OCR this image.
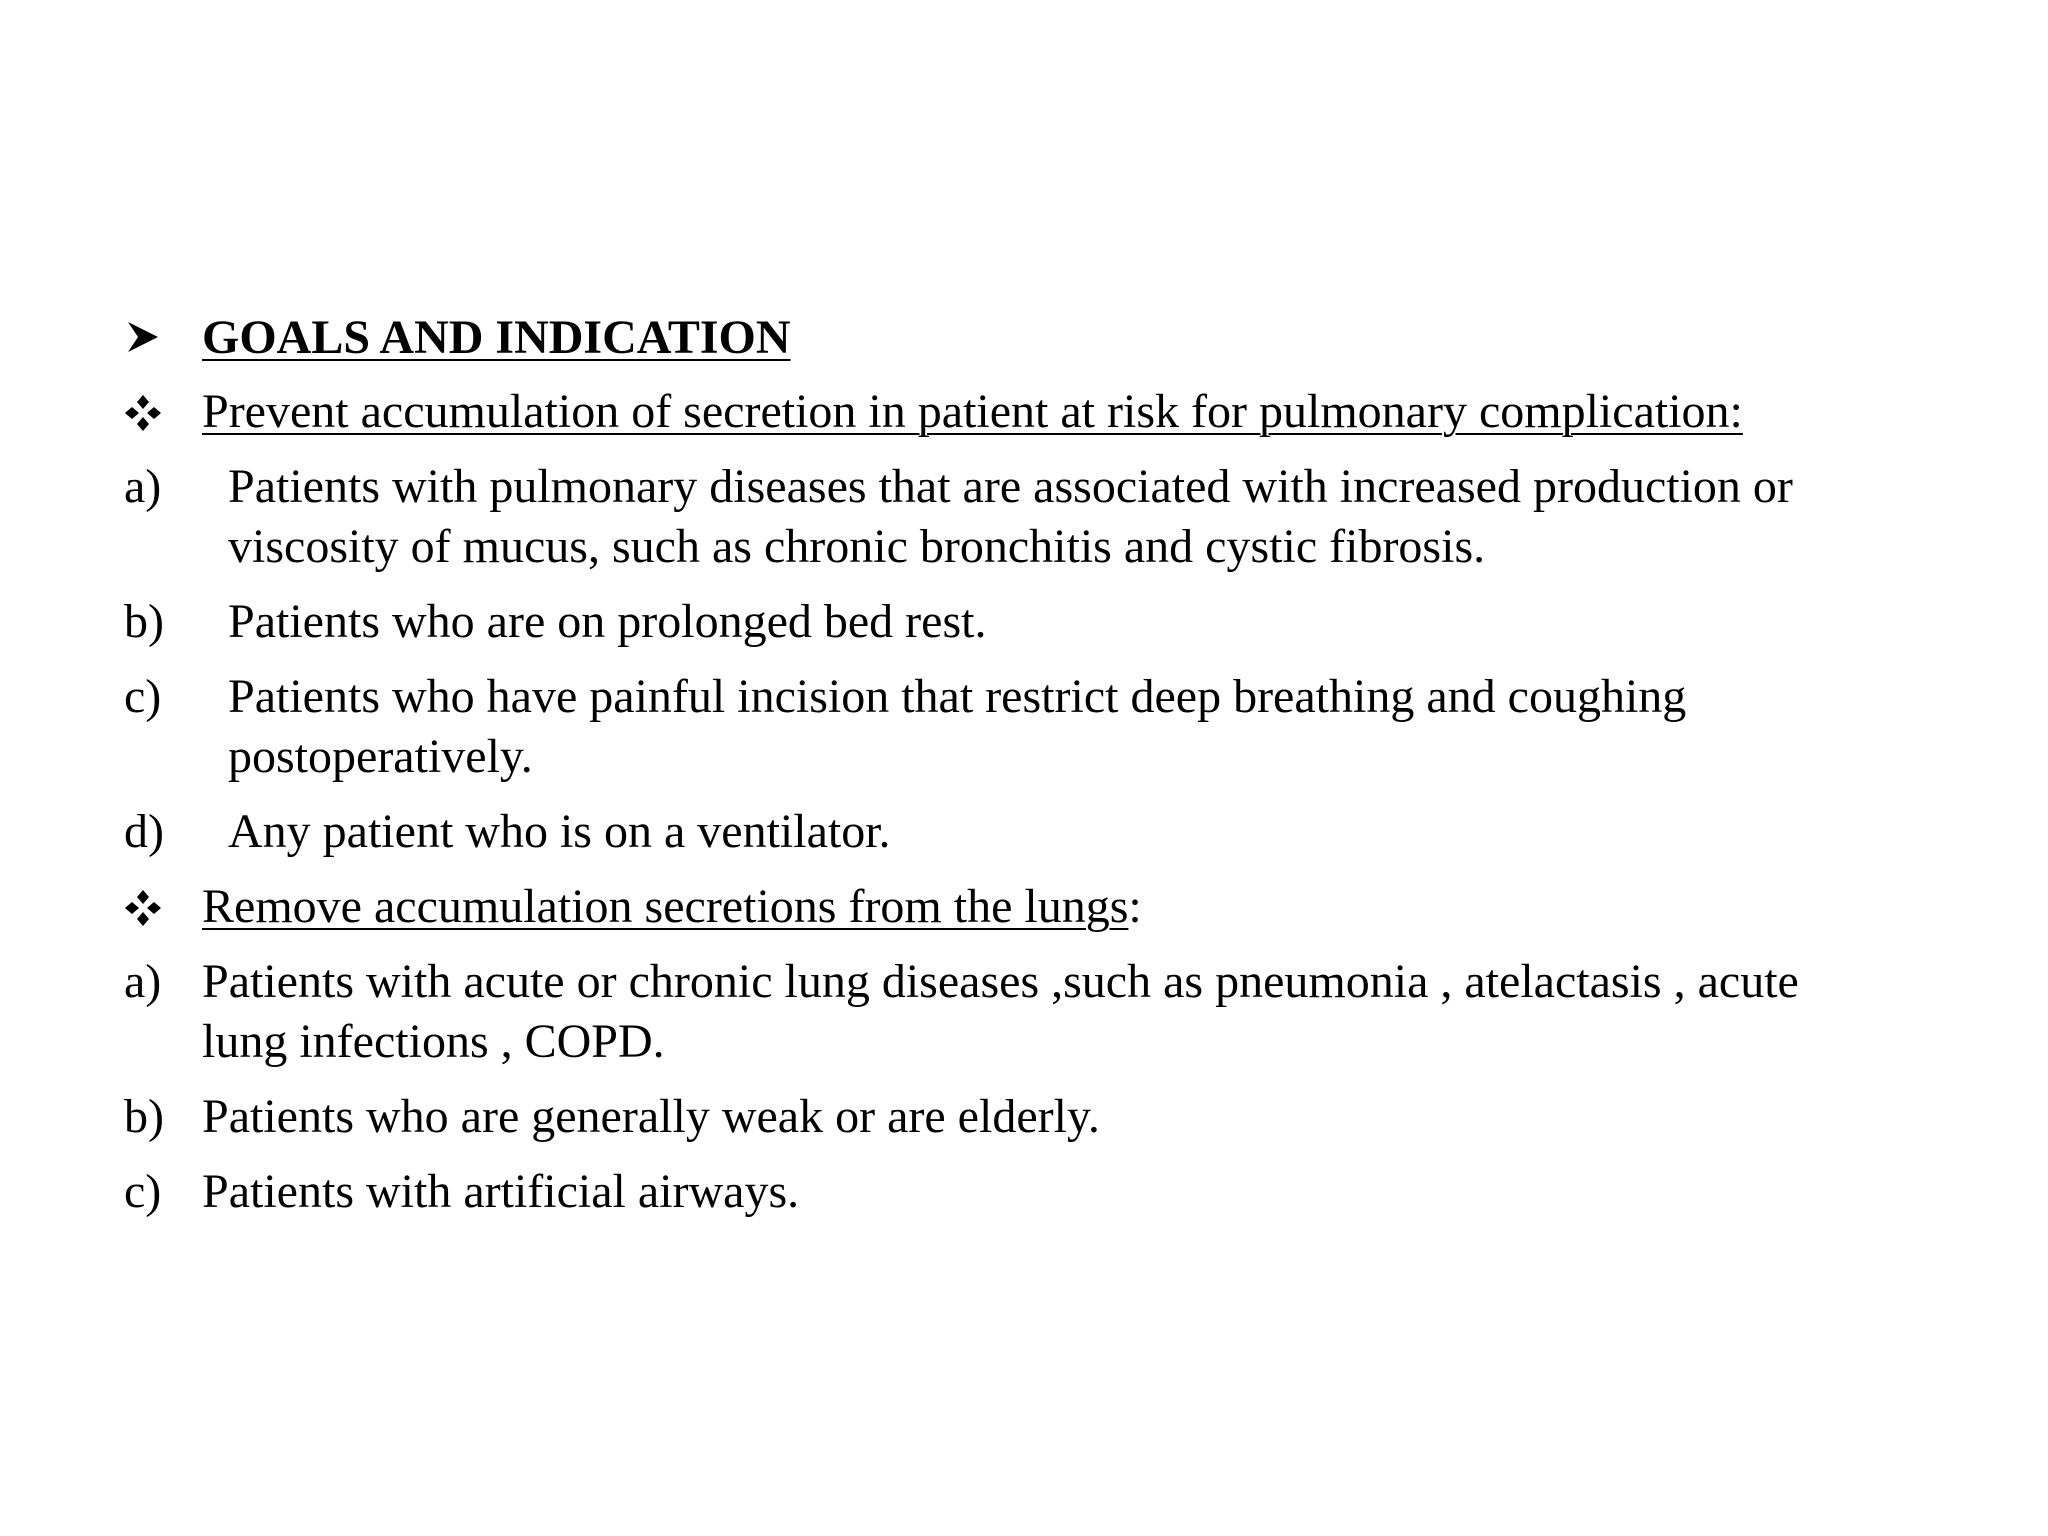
GOALS AND INDICATION
Prevent accumulation of secretion in patient at risk for pulmonary complication:
a) Patients with pulmonary diseases that are associated with increased production or
viscosity of mucus, such as chronic bronchitis and cystic fibrosis.
b) Patients who are on prolonged bed rest.
c) Patients who have painful incision that restrict deep breathing and coughing
postoperatively.
d) Any patient who is on a ventilator.
Remove accumulation secretions from the lungs:
a) Patients with acute or chronic lung diseases ,such as pneumonia , atelactasis , acute
lung infections , COPD.
b) Patients who are generally weak or are elderly.
c) Patients with artificial airways.
